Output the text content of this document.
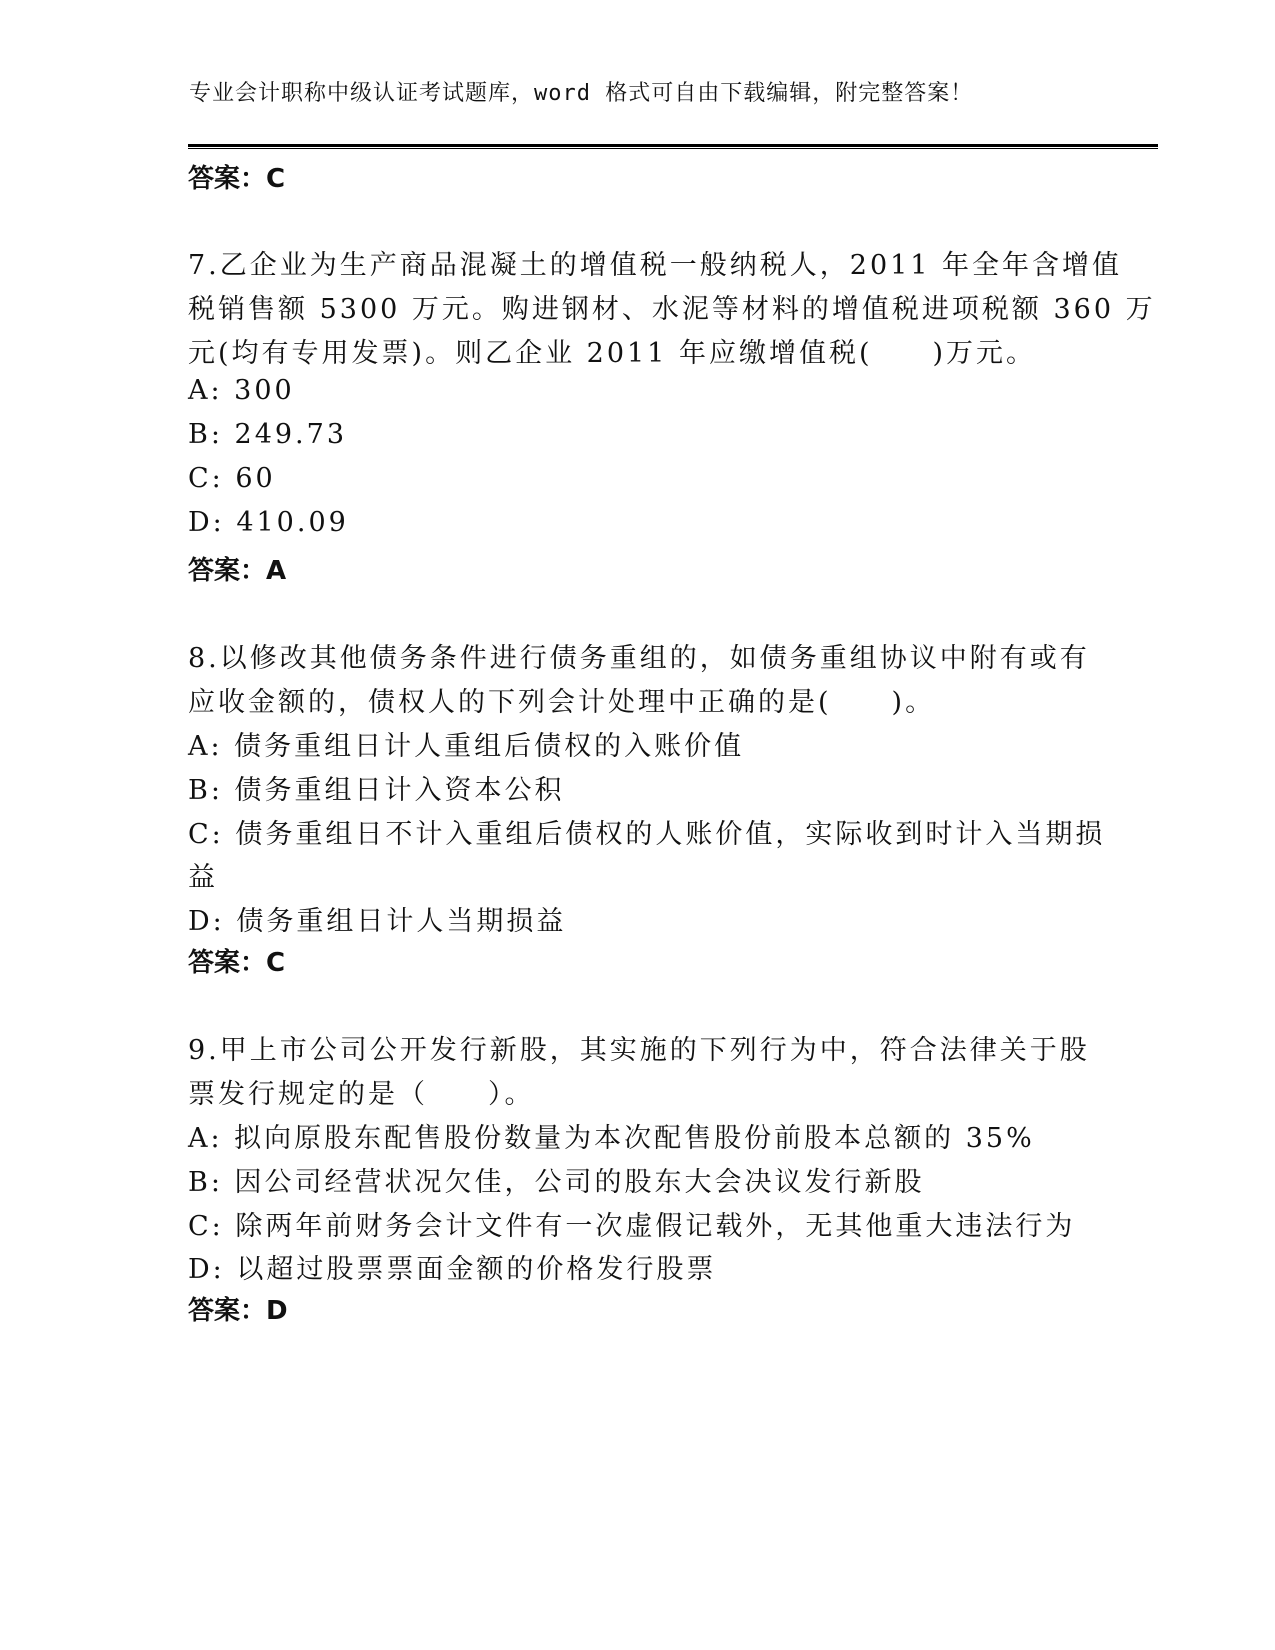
专业会计职称中级认证考试题库，word 格式可自由下载编辑，附完整答案！
答案：C
7.乙企业为生产商品混凝土的增值税一般纳税人，2011 年全年含增值
税销售额 5300 万元。购进钢材、水泥等材料的增值税进项税额 360 万
元(均有专用发票)。则乙企业 2011 年应缴增值税(　　)万元。
A: 300
B: 249.73
C: 60
D: 410.09
答案：A
8.以修改其他债务条件进行债务重组的，如债务重组协议中附有或有
应收金额的，债权人的下列会计处理中正确的是(　　)。
A: 债务重组日计人重组后债权的入账价值
B: 债务重组日计入资本公积
C: 债务重组日不计入重组后债权的人账价值，实际收到时计入当期损
益
D: 债务重组日计人当期损益
答案：C
9.甲上市公司公开发行新股，其实施的下列行为中，符合法律关于股
票发行规定的是（　　）。
A: 拟向原股东配售股份数量为本次配售股份前股本总额的 35%
B: 因公司经营状况欠佳，公司的股东大会决议发行新股
C: 除两年前财务会计文件有一次虚假记载外，无其他重大违法行为
D: 以超过股票票面金额的价格发行股票
答案：D
